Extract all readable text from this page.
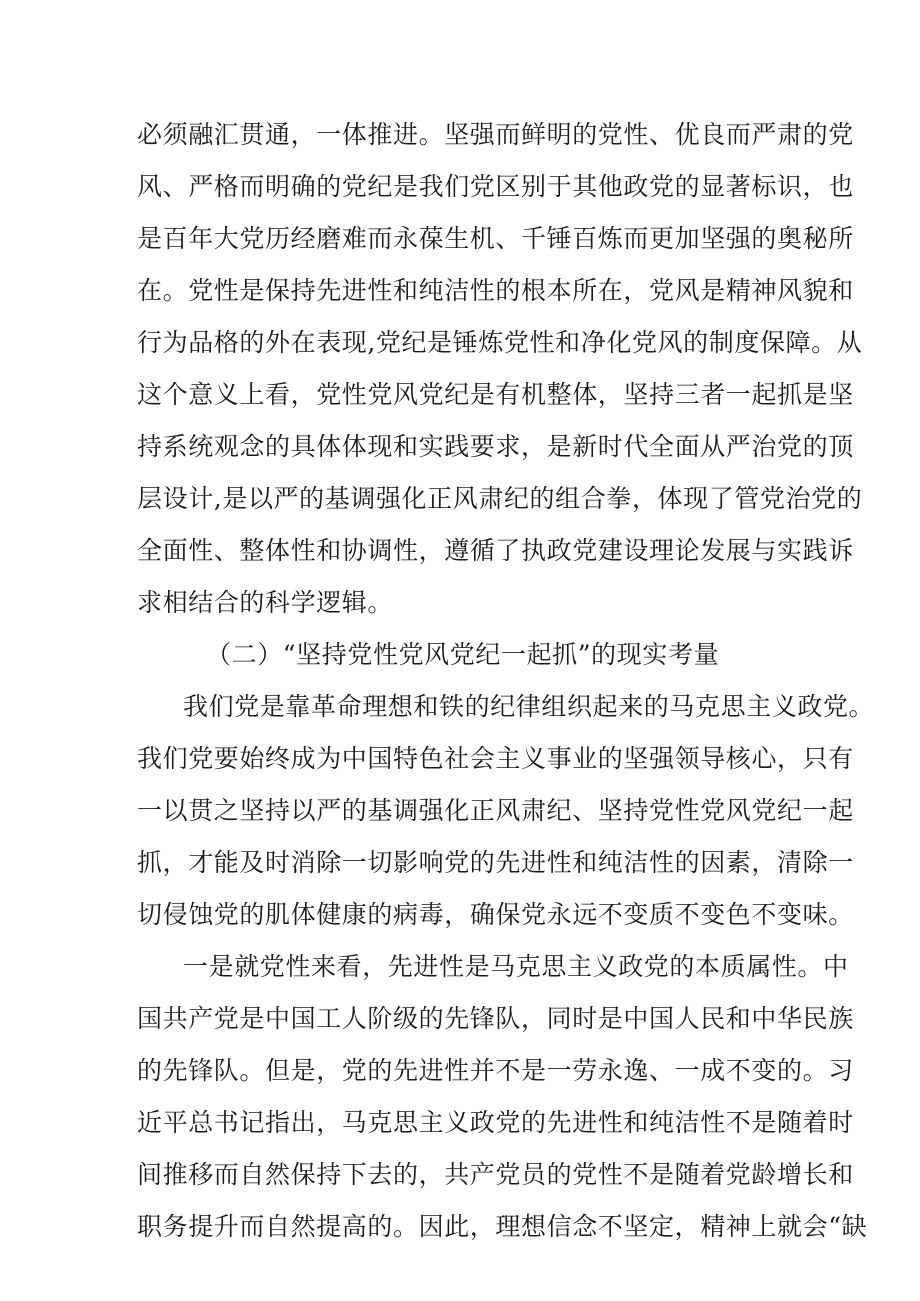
必须融汇贯通，一体推进。坚强而鲜明的党性、优良而严肃的党
风、严格而明确的党纪是我们党区别于其他政党的显著标识，也
是百年大党历经磨难而永葆生机、千锤百炼而更加坚强的奥秘所
在。党性是保持先进性和纯洁性的根本所在，党风是精神风貌和
行为品格的外在表现,党纪是锤炼党性和净化党风的制度保障。从
这个意义上看，党性党风党纪是有机整体，坚持三者一起抓是坚
持系统观念的具体体现和实践要求，是新时代全面从严治党的顶
层设计,是以严的基调强化正风肃纪的组合拳，体现了管党治党的
全面性、整体性和协调性，遵循了执政党建设理论发展与实践诉
求相结合的科学逻辑。
（二）“坚持党性党风党纪一起抓”的现实考量
我们党是靠革命理想和铁的纪律组织起来的马克思主义政党。
我们党要始终成为中国特色社会主义事业的坚强领导核心，只有
一以贯之坚持以严的基调强化正风肃纪、坚持党性党风党纪一起
抓，才能及时消除一切影响党的先进性和纯洁性的因素，清除一
切侵蚀党的肌体健康的病毒，确保党永远不变质不变色不变味。
一是就党性来看，先进性是马克思主义政党的本质属性。中
国共产党是中国工人阶级的先锋队，同时是中国人民和中华民族
的先锋队。但是，党的先进性并不是一劳永逸、一成不变的。习
近平总书记指出，马克思主义政党的先进性和纯洁性不是随着时
间推移而自然保持下去的，共产党员的党性不是随着党龄增长和
职务提升而自然提高的。因此，理想信念不坚定，精神上就会“缺
